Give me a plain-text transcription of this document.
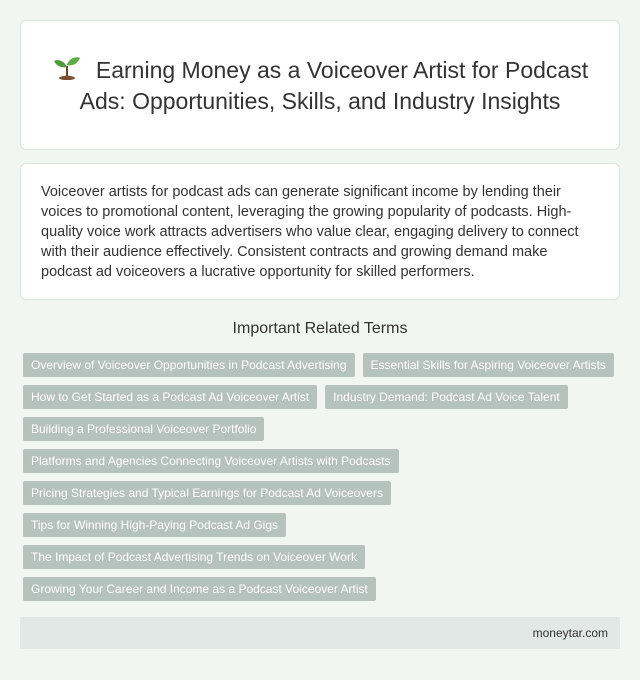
Earning Money as a Voiceover Artist for Podcast Ads: Opportunities, Skills, and Industry Insights

Voiceover artists for podcast ads can generate significant income by lending their voices to promotional content, leveraging the growing popularity of podcasts. High-quality voice work attracts advertisers who value clear, engaging delivery to connect with their audience effectively. Consistent contracts and growing demand make podcast ad voiceovers a lucrative opportunity for skilled performers.

Important Related Terms
Overview of Voiceover Opportunities in Podcast Advertising	Essential Skills for Aspiring Voiceover Artists
How to Get Started as a Podcast Ad Voiceover Artist	Industry Demand: Podcast Ad Voice Talent
Building a Professional Voiceover Portfolio
Platforms and Agencies Connecting Voiceover Artists with Podcasts
Pricing Strategies and Typical Earnings for Podcast Ad Voiceovers
Tips for Winning High-Paying Podcast Ad Gigs
The Impact of Podcast Advertising Trends on Voiceover Work
Growing Your Career and Income as a Podcast Voiceover Artist
moneytar.com
